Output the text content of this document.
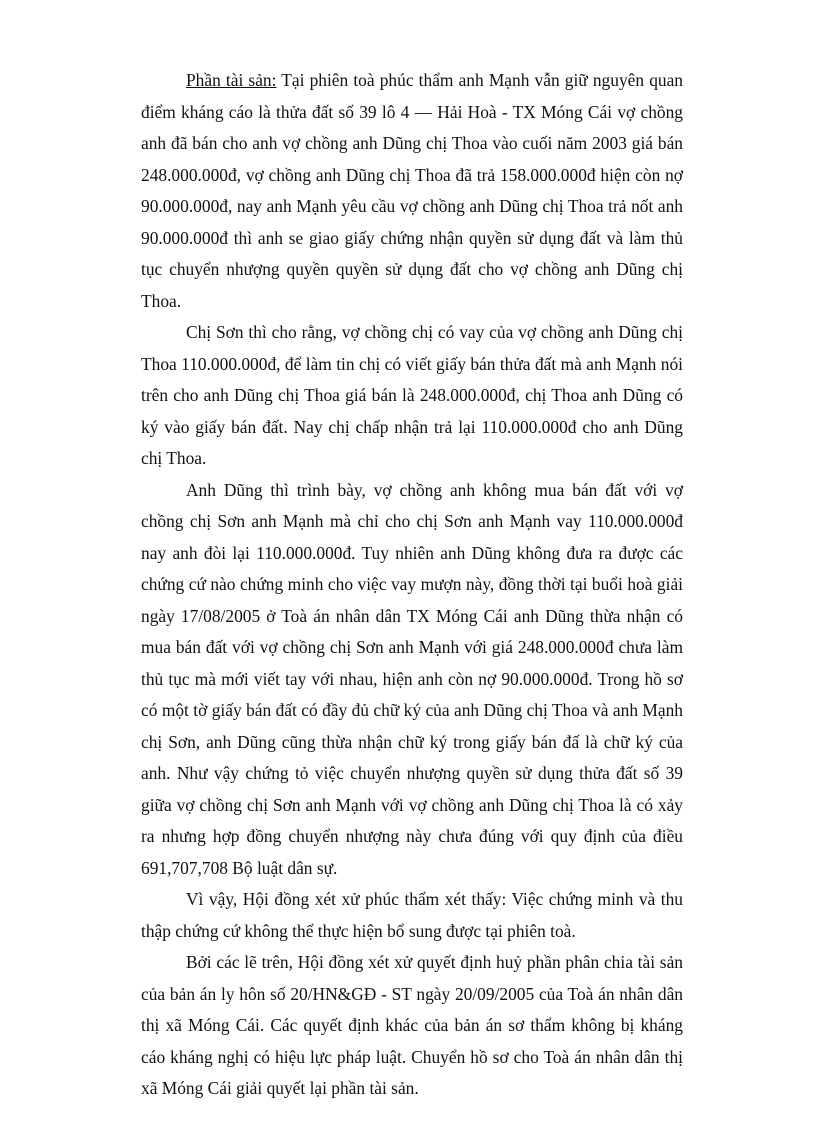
Phần tài sản: Tại phiên toà phúc thẩm anh Mạnh vẫn giữ nguyên quan điểm kháng cáo là thửa đất số 39 lô 4 — Hải Hoà - TX Móng Cái vợ chồng anh đã bán cho anh vợ chồng anh Dũng chị Thoa vào cuối năm 2003 giá bán 248.000.000đ, vợ chồng anh Dũng chị Thoa đã trả 158.000.000đ hiện còn nợ 90.000.000đ, nay anh Mạnh yêu cầu vợ chồng anh Dũng chị Thoa trả nốt anh 90.000.000đ thì anh se giao giấy chứng nhận quyền sử dụng đất và làm thủ tục chuyển nhượng quyền quyền sử dụng đất cho vợ chồng anh Dũng chị Thoa.

Chị Sơn thì cho rằng, vợ chồng chị có vay của vợ chồng anh Dũng chị Thoa 110.000.000đ, để làm tin chị có viết giấy bán thửa đất mà anh Mạnh nói trên cho anh Dũng chị Thoa giá bán là 248.000.000đ, chị Thoa anh Dũng có ký vào giấy bán đất. Nay chị chấp nhận trả lại 110.000.000đ cho anh Dũng chị Thoa.

Anh Dũng thì trình bày, vợ chồng anh không mua bán đất với vợ chồng chị Sơn anh Mạnh mà chỉ cho chị Sơn anh Mạnh vay 110.000.000đ nay anh đòi lại 110.000.000đ. Tuy nhiên anh Dũng không đưa ra được các chứng cứ nào chứng minh cho việc vay mượn này, đồng thời tại buổi hoà giải ngày 17/08/2005 ở Toà án nhân dân TX Móng Cái anh Dũng thừa nhận có mua bán đất với vợ chồng chị Sơn anh Mạnh với giá 248.000.000đ chưa làm thủ tục mà mới viết tay với nhau, hiện anh còn nợ 90.000.000đ. Trong hồ sơ có một tờ giấy bán đất có đầy đủ chữ ký của anh Dũng chị Thoa và anh Mạnh chị Sơn, anh Dũng cũng thừa nhận chữ ký trong giấy bán đấ là chữ ký của anh. Như vậy chứng tỏ việc chuyển nhượng quyền sử dụng thửa đất số 39 giữa vợ chồng chị Sơn anh Mạnh với vợ chồng anh Dũng chị Thoa là có xảy ra nhưng hợp đồng chuyển nhượng này chưa đúng với quy định của điều 691,707,708 Bộ luật dân sự.

Vì vậy, Hội đồng xét xử phúc thẩm xét thấy: Việc chứng minh và thu thập chứng cứ không thể thực hiện bổ sung được tại phiên toà.

Bởi các lẽ trên, Hội đồng xét xử quyết định huỷ phần phân chia tài sản của bản án ly hôn số 20/HN&GĐ - ST ngày 20/09/2005 của Toà án nhân dân thị xã Móng Cái. Các quyết định khác của bản án sơ thẩm không bị kháng cáo kháng nghị có hiệu lực pháp luật. Chuyển hồ sơ cho Toà án nhân dân thị xã Móng Cái giải quyết lại phần tài sản.
